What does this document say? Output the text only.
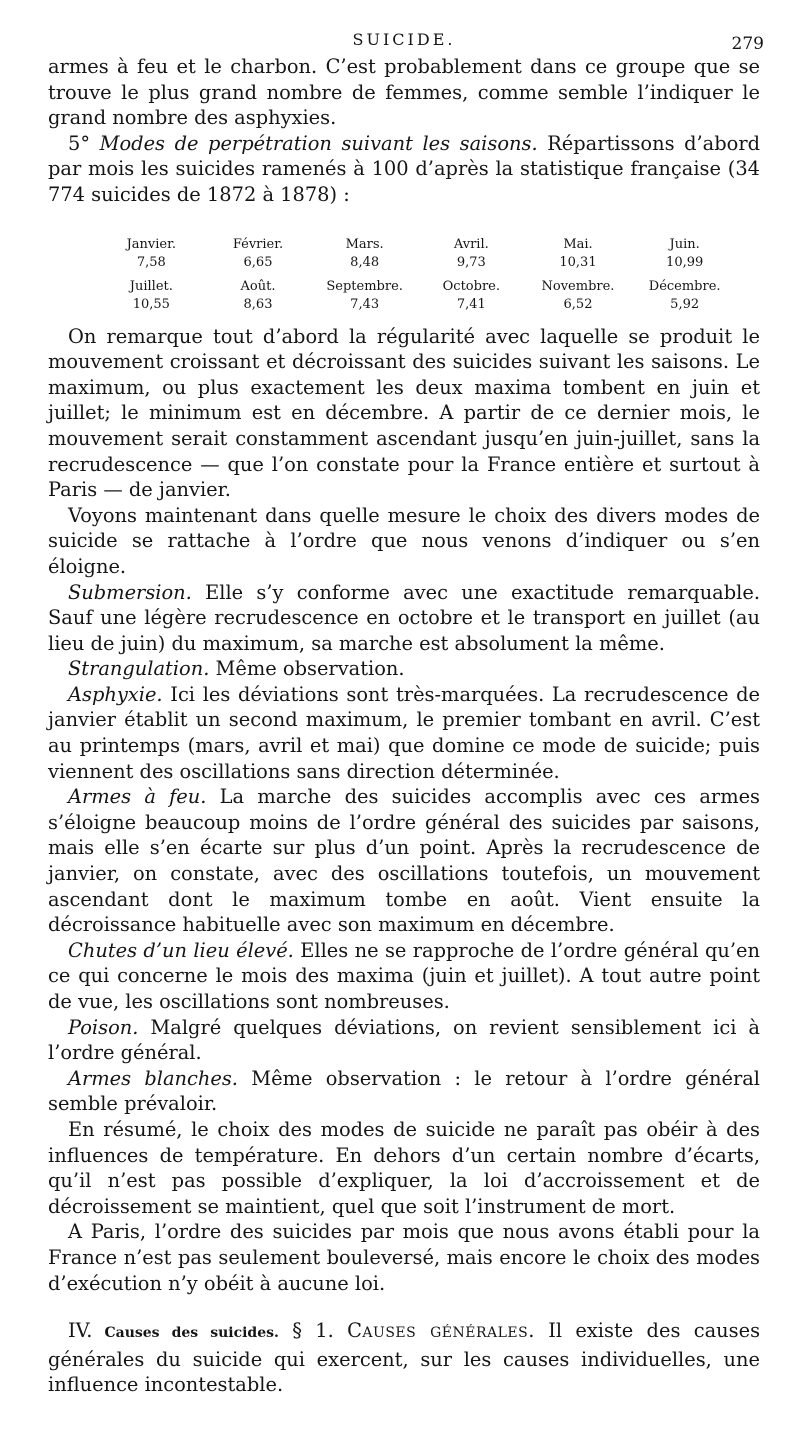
SUICIDE.	279

armes à feu et le charbon. C’est probablement dans ce groupe que se trouve le plus grand nombre de femmes, comme semble l’indiquer le grand nombre des asphyxies.

5° Modes de perpétration suivant les saisons. Répartissons d’abord par mois les suicides ramenés à 100 d’après la statistique française (34 774 suicides de 1872 à 1878) :

Janvier.
7,58
Février.
6,65
Mars.
8,48
Avril.
9,73
Mai.
10,31
Juin.
10,99
Juillet.
10,55
Août.
8,63
Septembre.
7,43
Octobre.
7,41
Novembre.
6,52
Décembre.
5,92

On remarque tout d’abord la régularité avec laquelle se produit le mouvement croissant et décroissant des suicides suivant les saisons. Le maximum, ou plus exactement les deux maxima tombent en juin et juillet; le minimum est en décembre. A partir de ce dernier mois, le mouvement serait constamment ascendant jusqu’en juin-juillet, sans la recrudescence — que l’on constate pour la France entière et surtout à Paris — de janvier.

Voyons maintenant dans quelle mesure le choix des divers modes de suicide se rattache à l’ordre que nous venons d’indiquer ou s’en éloigne.

Submersion. Elle s’y conforme avec une exactitude remarquable. Sauf une légère recrudescence en octobre et le transport en juillet (au lieu de juin) du maximum, sa marche est absolument la même.

Strangulation. Même observation.

Asphyxie. Ici les déviations sont très-marquées. La recrudescence de janvier établit un second maximum, le premier tombant en avril. C’est au printemps (mars, avril et mai) que domine ce mode de suicide; puis viennent des oscillations sans direction déterminée.

Armes à feu. La marche des suicides accomplis avec ces armes s’éloigne beaucoup moins de l’ordre général des suicides par saisons, mais elle s’en écarte sur plus d’un point. Après la recrudescence de janvier, on constate, avec des oscillations toutefois, un mouvement ascendant dont le maximum tombe en août. Vient ensuite la décroissance habituelle avec son maximum en décembre.

Chutes d’un lieu élevé. Elles ne se rapproche de l’ordre général qu’en ce qui concerne le mois des maxima (juin et juillet). A tout autre point de vue, les oscillations sont nombreuses.

Poison. Malgré quelques déviations, on revient sensiblement ici à l’ordre général.

Armes blanches. Même observation : le retour à l’ordre général semble prévaloir.

En résumé, le choix des modes de suicide ne paraît pas obéir à des influences de température. En dehors d’un certain nombre d’écarts, qu’il n’est pas possible d’expliquer, la loi d’accroissement et de décroissement se maintient, quel que soit l’instrument de mort.

A Paris, l’ordre des suicides par mois que nous avons établi pour la France n’est pas seulement bouleversé, mais encore le choix des modes d’exécution n’y obéit à aucune loi.

IV. Causes des suicides. § 1. Causes générales. Il existe des causes générales du suicide qui exercent, sur les causes individuelles, une influence incontestable.
